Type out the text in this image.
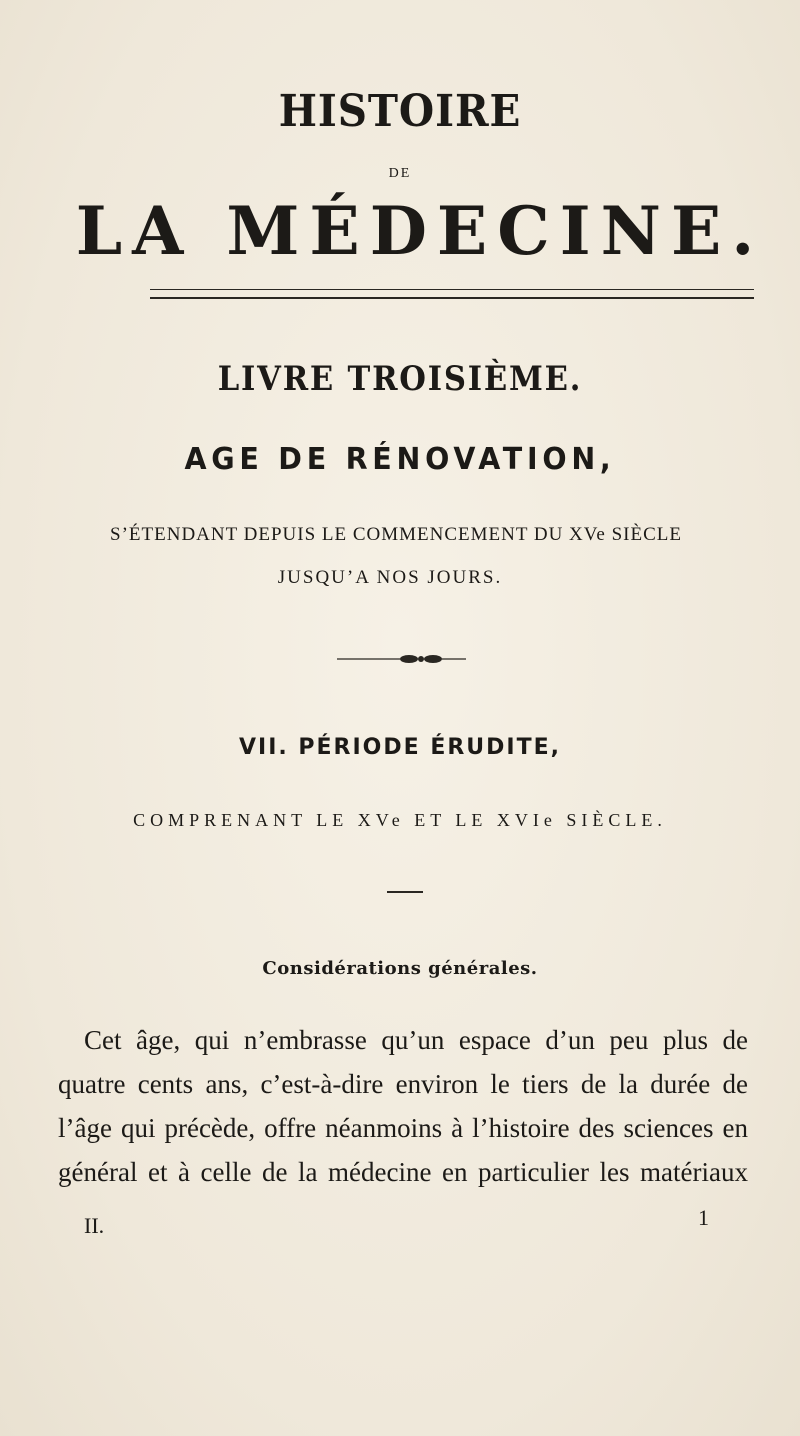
HISTOIRE
DE
LA MÉDECINE.
LIVRE TROISIÈME.
AGE DE RÉNOVATION,
S’ÉTENDANT DEPUIS LE COMMENCEMENT DU XVe SIÈCLE
JUSQU’A NOS JOURS.
VII. PÉRIODE ÉRUDITE,
COMPRENANT LE XVe ET LE XVIe SIÈCLE.
Considérations générales.
Cet âge, qui n’embrasse qu’un espace d’un peu plus de
quatre cents ans, c’est-à-dire environ le tiers de la durée de
l’âge qui précède, offre néanmoins à l’histoire des sciences en
général et à celle de la médecine en particulier les matériaux
II.	1
